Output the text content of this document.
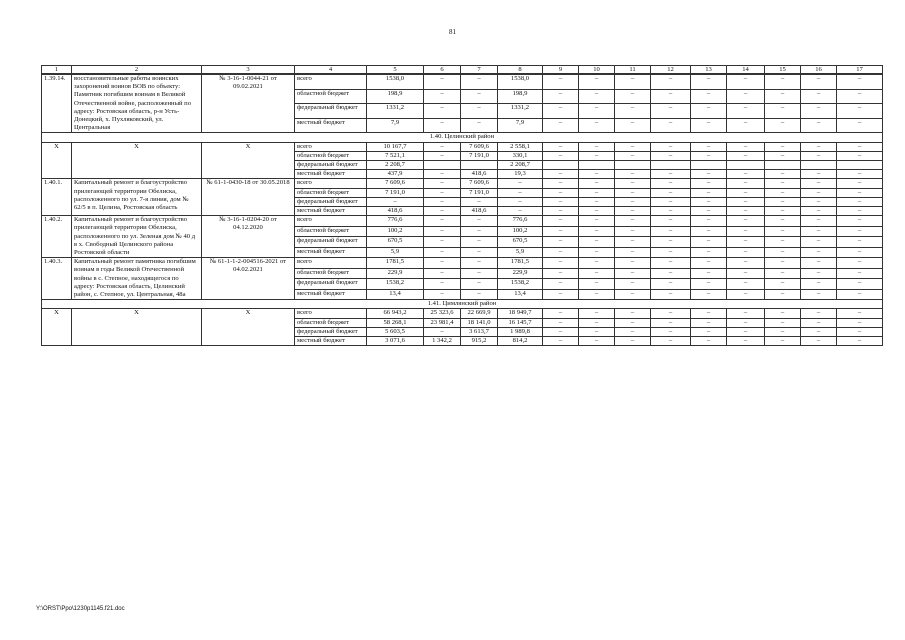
81
1	2	3	4	5	6	7	8	9	10	11	12	13	14	15	16	17

1.39.14.	восстановительные работы воинских захоронений воинов ВОВ по объекту: Памятник погибшим воинам в Великой Отечественной войне, расположенный по адресу: Ростовская область, р-н Усть-Донецкий, х. Пухляковский, ул. Центральная	№ 3-16-1-0044-21 от 09.02.2021	всего	1538,0	–	–	1538,0	–	–	–	–	–	–	–	–	–
			областной бюджет	198,9	–	–	198,9	–	–	–	–	–	–	–	–	–
			федеральный бюджет	1331,2	–	–	1331,2	–	–	–	–	–	–	–	–	–
			местный бюджет	7,9	–	–	7,9	–	–	–	–	–	–	–	–	–
1.40. Целинский район																
Х	Х	Х	всего	10 167,7	–	7 609,6	2 558,1	–	–	–	–	–	–	–	–	–
			областной бюджет	7 521,1	–	7 191,0	330,1	–	–	–	–	–	–	–	–	–
			федеральный бюджет	2 208,7			2 208,7									
			местный бюджет	437,9	–	418,6	19,3	–	–	–	–	–	–	–	–	–
1.40.1.	Капитальный ремонт и благоустройство прилегающей территории Обелиска, расположенного по ул. 7-я линия, дом № 62/5 в п. Целина, Ростовская область	№ 61-1-0430-18 от 30.05.2018	всего	7 609,6	–	7 609,6	–	–	–	–	–	–	–	–	–	–
			областной бюджет	7 191,0	–	7 191,0	–	–	–	–	–	–	–	–	–	–
			федеральный бюджет	–	–	–	–	–	–	–	–	–	–	–	–	–
			местный бюджет	418,6	–	418,6	–	–	–	–	–	–	–	–	–	–
1.40.2.	Капитальный ремонт и благоустройство прилегающей территории Обелиска, расположенного по ул. Зеленая дом № 40 д в х. Свободный Целинского района Ростовской области	№ 3-16-1-0204-20 от 04.12.2020	всего	776,6	–	–	776,6	–	–	–	–	–	–	–	–	–
			областной бюджет	100,2	–	–	100,2	–	–	–	–	–	–	–	–	–
			федеральный бюджет	670,5	–	–	670,5	–	–	–	–	–	–	–	–	–
			местный бюджет	5,9	–	–	5,9	–	–	–	–	–	–	–	–	–
1.40.3.	Капитальный ремонт памятника погибшим воинам в годы Великой Отечественной войны в с. Степное, находящегося по адресу: Ростовская область, Целинский район, с. Степное, ул. Центральная, 48а	№ 61-1-1-2-004516-2021 от 04.02.2021	всего	1781,5	–	–	1781,5	–	–	–	–	–	–	–	–	–
			областной бюджет	229,9	–	–	229,9	–	–	–	–	–	–	–	–	–
			федеральный бюджет	1538,2	–	–	1538,2	–	–	–	–	–	–	–	–	–
			местный бюджет	13,4	–	–	13,4	–	–	–	–	–	–	–	–	–
1.41. Цимлянский район																
Х	Х	Х	всего	66 943,2	25 323,6	22 669,9	18 949,7	–	–	–	–	–	–	–	–	–
			областной бюджет	58 268,1	23 981,4	18 141,0	16 145,7	–	–	–	–	–	–	–	–	–
			федеральный бюджет	5 603,5	–	3 613,7	1 989,8	–	–	–	–	–	–	–	–	–
			местный бюджет	3 071,6	1 342,2	915,2	814,2	–	–	–	–	–	–	–	–	–
Y:\ORST\Ppo\1230p1145.f21.doc
